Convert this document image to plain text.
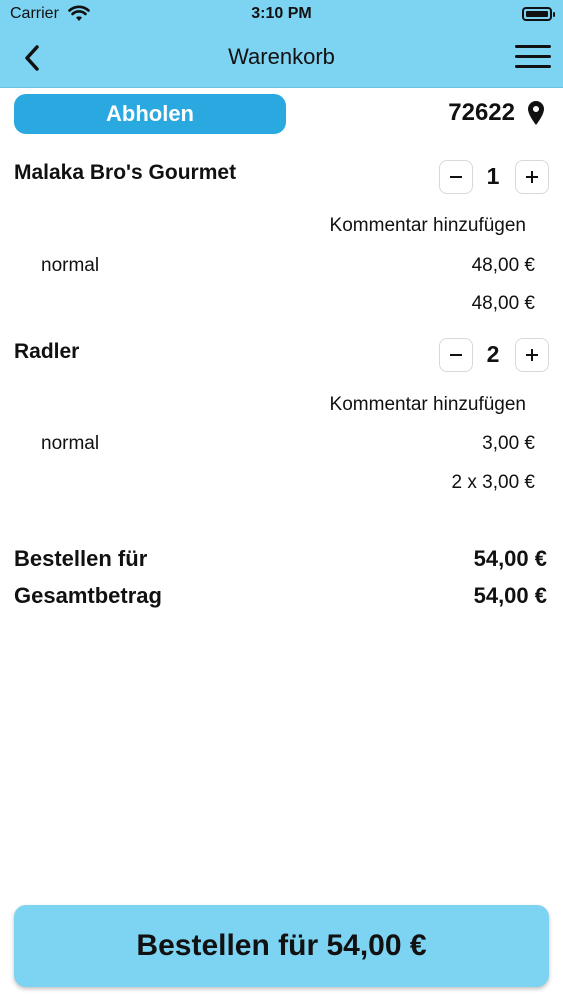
Carrier	3:10 PM
Warenkorb
Abholen	72622
Malaka Bro's Gourmet	1
Kommentar hinzufügen
normal	48,00 €
48,00 €
Radler	2
Kommentar hinzufügen
normal	3,00 €
2 x 3,00 €
Bestellen für	54,00 €
Gesamtbetrag	54,00 €
Bestellen für 54,00 €
